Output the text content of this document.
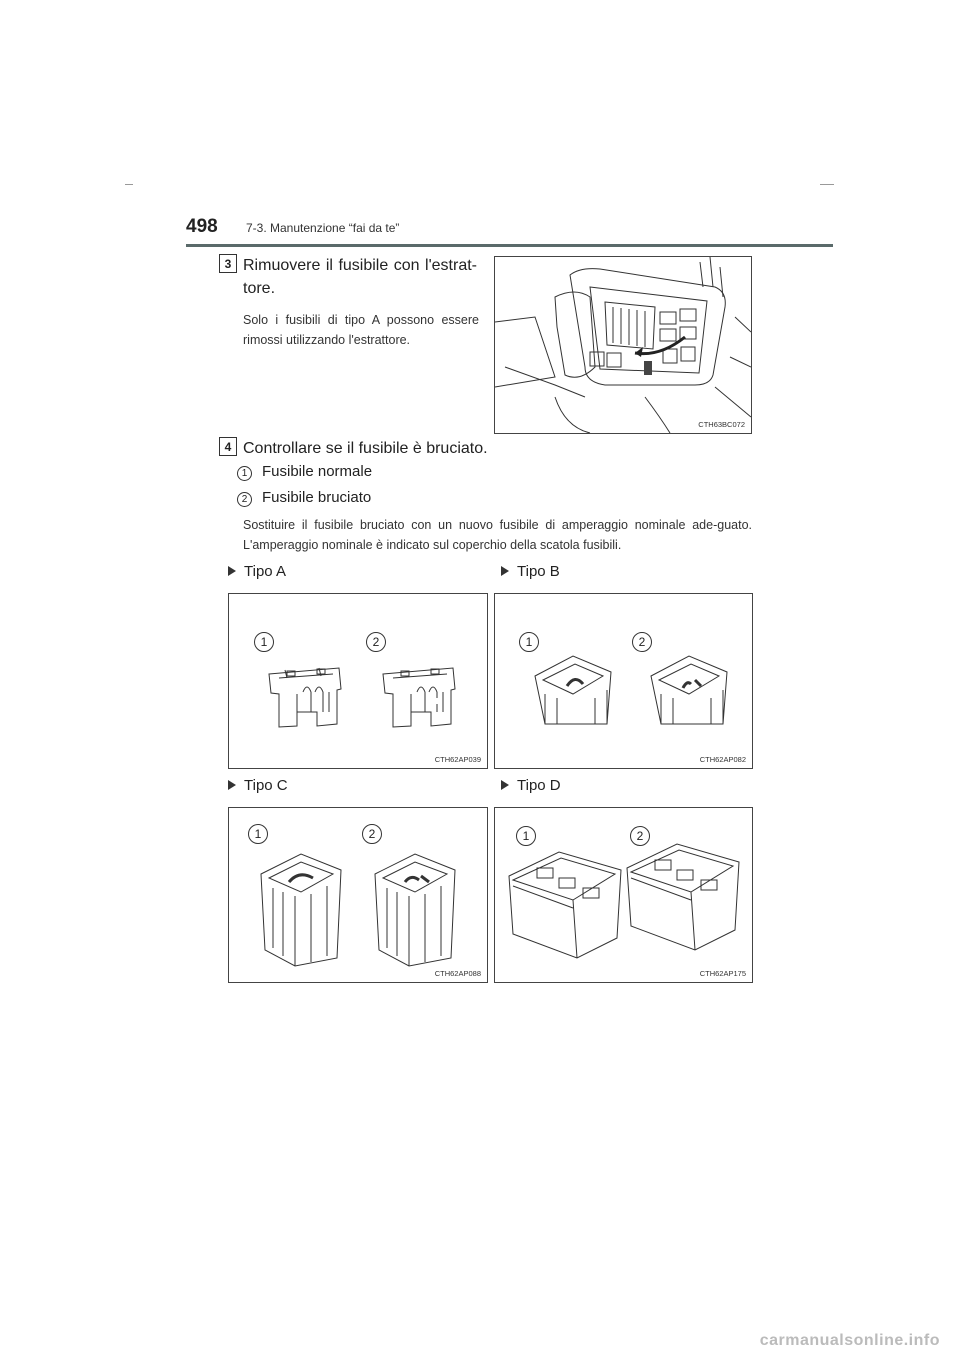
498 7-3. Manutenzione “fai da te”
3 Rimuovere il fusibile con l'estrat-tore.
Solo i fusibili di tipo A possono essere rimossi utilizzando l'estrattore.
CTH63BC072
4 Controllare se il fusibile è bruciato.
1 Fusibile normale
2 Fusibile bruciato
Sostituire il fusibile bruciato con un nuovo fusibile di amperaggio nominale ade-guato. L'amperaggio nominale è indicato sul coperchio della scatola fusibili.
Tipo A	Tipo B
1	2
CTH62AP039
1	2
CTH62AP082
Tipo C	Tipo D
1	2
CTH62AP088
1	2
CTH62AP175
carmanualsonline.info
